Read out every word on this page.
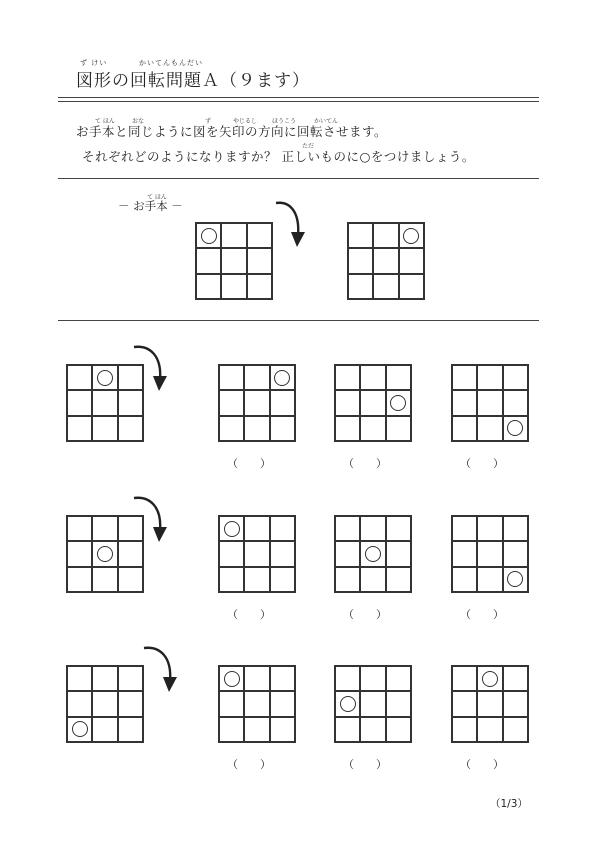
ず けい	かいてんもんだい
図形の回転問題Ａ（９ます）
て ほん	おな	ず	やじるし ほうこう	かいてん
お手本と同じように図を矢印の方向に回転させます。
ただ
それぞれどのようになりますか？ 正しいものに○をつけましょう。
て ほん
－ お手本 －
（　　）	（　　）	（　　）
（　　）	（　　）	（　　）
（　　）	（　　）	（　　）
（1/3）
